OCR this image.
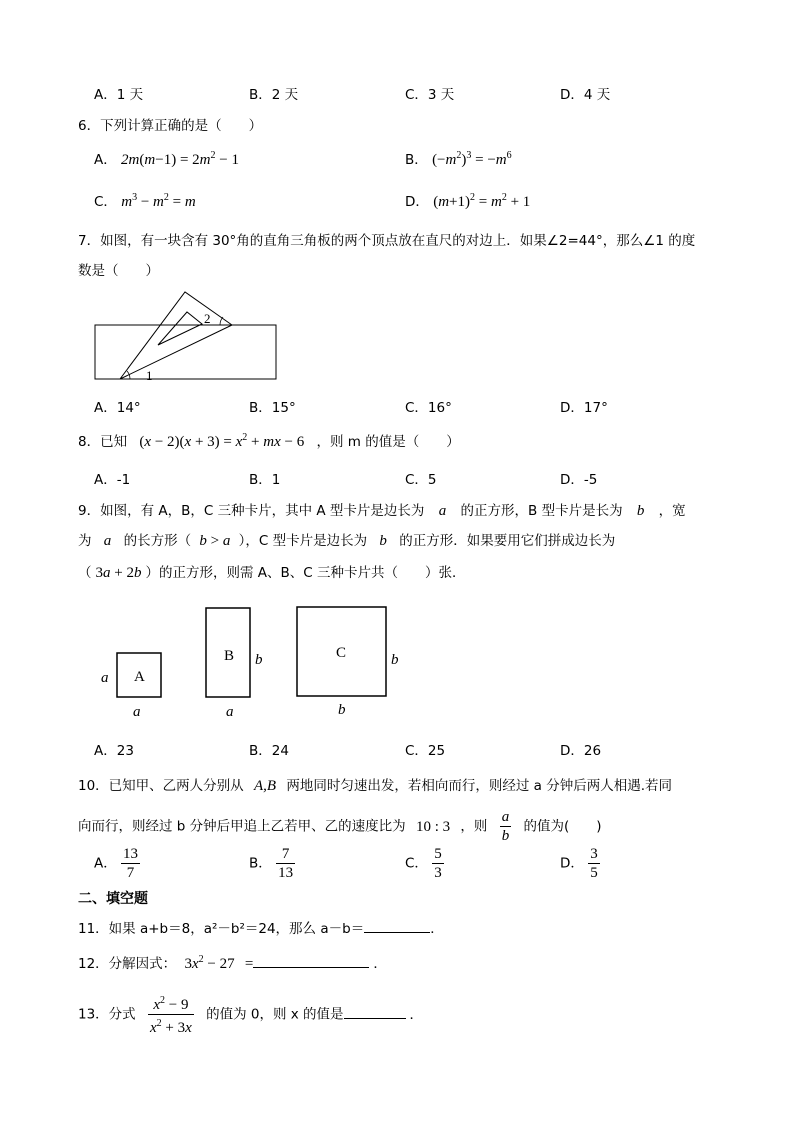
A．1 天	B．2 天	C．3 天	D．4 天
6．下列计算正确的是（　　）
A． $2m(m-1) = 2m^2 - 1$	B． $(-m^2)^3 = -m^6$
C． $m^3 - m^2 = m$	D． $(m+1)^2 = m^2 + 1$
7．如图，有一块含有 30°角的直角三角板的两个顶点放在直尺的对边上．如果∠2=44°，那么∠1 的度
数是（　　）
1
2
A．14°	B．15°	C．16°	D．17°
8．已知 $(x - 2)(x + 3) = x^2$ + mx − 6 ，则 m 的值是（　　）
A．-1	B．1	C．5	D．-5
9．如图，有 A，B，C 三种卡片，其中 A 型卡片是边长为 a 的正方形，B 型卡片是长为 b ，宽
为 a 的长方形（ b > a ），C 型卡片是边长为 b 的正方形．如果要用它们拼成边长为
（ 3a + 2b ）的正方形，则需 A、B、C 三种卡片共（　　）张．
A
a
a
B b
a
C	b
b
A．23	B．24	C．25	D．26
10．已知甲、乙两人分别从 A,B 两地同时匀速出发，若相向而行，则经过 a 分钟后两人相遇.若同
向而行，则经过 b 分钟后甲追上乙若甲、乙的速度比为 10 : 3 ，则 $\frac{a}{b}$ 的值为(　　)
A． $\frac{13}{7}$	B． $\frac{7}{13}$	C． $\frac{5}{3}$	D． $\frac{3}{5}$
二、填空题
11．如果 a+b＝8，a²－b²＝24，那么 a－b＝	．
12．分解因式： $3x^2 - 27$ =	．
13．分式 $\frac{x^2 - 9}{x^2 + 3x}$ 的值为 0，则 x 的值是	．
